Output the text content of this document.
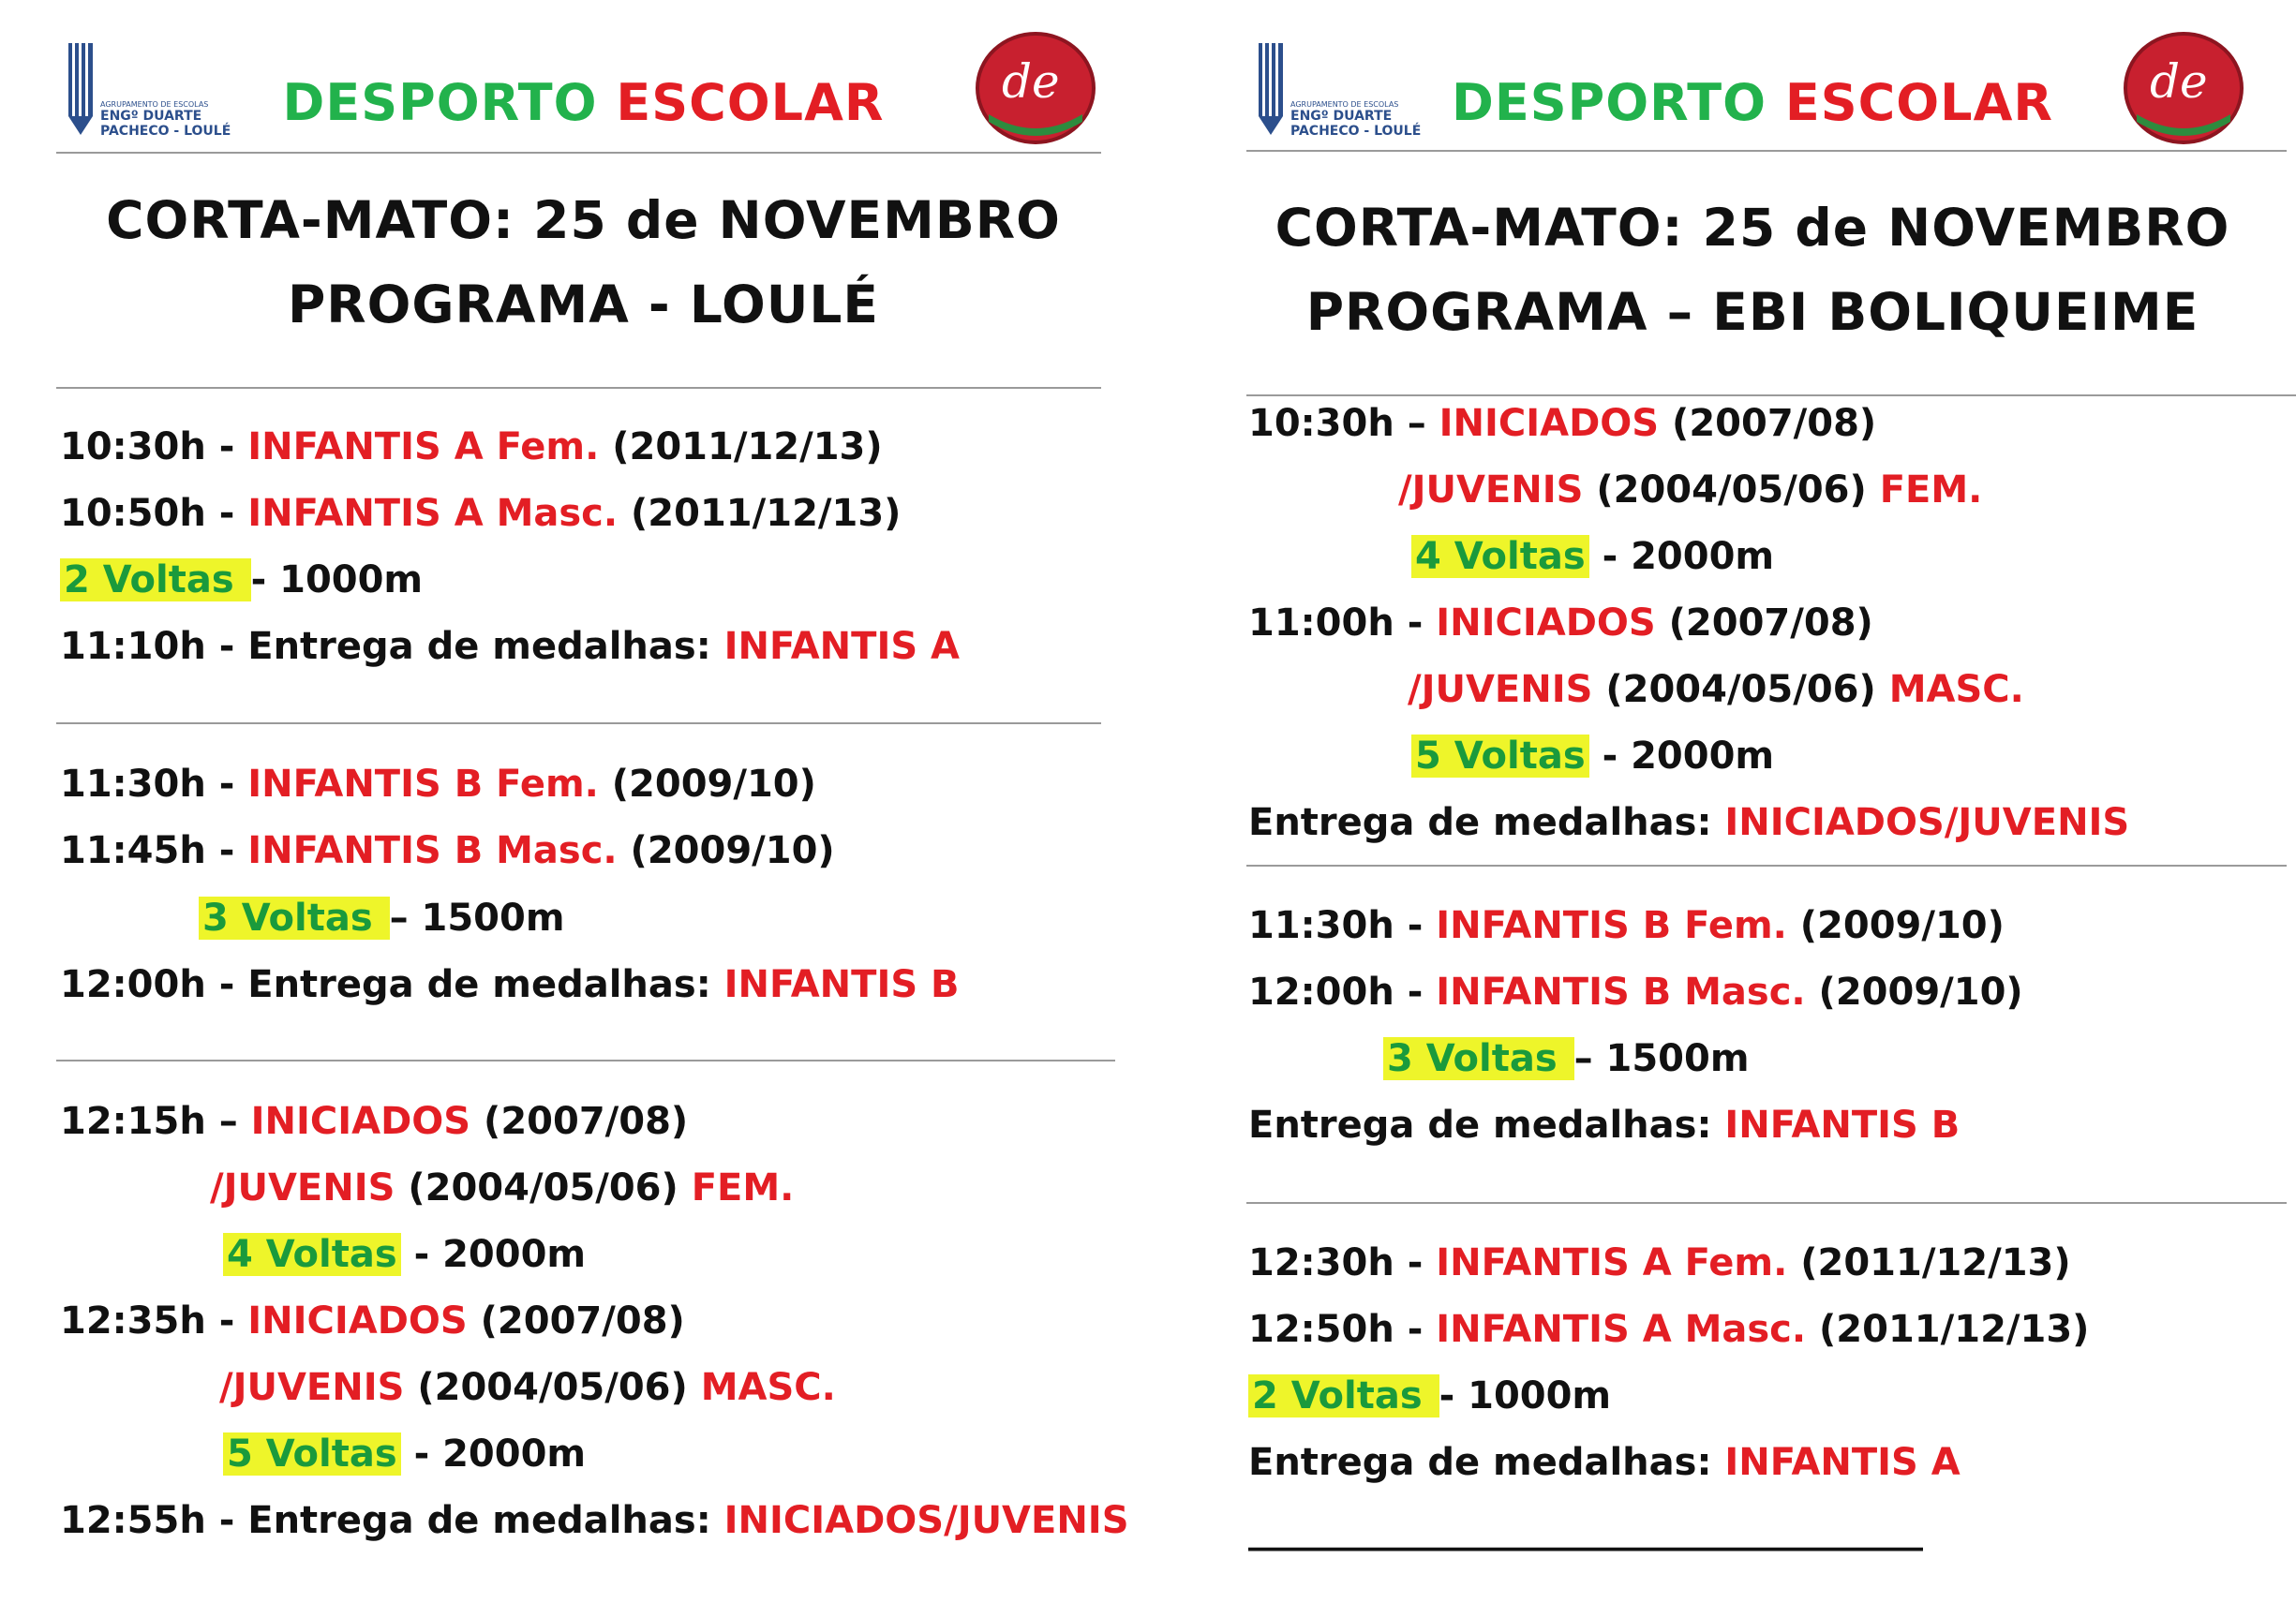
AGRUPAMENTO DE ESCOLAS
ENGº DUARTE
PACHECO - LOULÉ	DESPORTO ESCOLAR	de
CORTA-MATO: 25 de NOVEMBRO
PROGRAMA - LOULÉ
10:30h - INFANTIS A Fem. (2011/12/13)
10:50h - INFANTIS A Masc. (2011/12/13)
2 Voltas - 1000m
11:10h - Entrega de medalhas: INFANTIS A
11:30h - INFANTIS B Fem. (2009/10)
11:45h - INFANTIS B Masc. (2009/10)
3 Voltas – 1500m
12:00h - Entrega de medalhas: INFANTIS B
12:15h – INICIADOS (2007/08)
/JUVENIS (2004/05/06) FEM.
4 Voltas - 2000m
12:35h - INICIADOS (2007/08)
/JUVENIS (2004/05/06) MASC.
5 Voltas - 2000m
12:55h - Entrega de medalhas: INICIADOS/JUVENIS
AGRUPAMENTO DE ESCOLAS
ENGº DUARTE
PACHECO - LOULÉ DESPORTO ESCOLAR	de
CORTA-MATO: 25 de NOVEMBRO
PROGRAMA – EBI BOLIQUEIME
10:30h – INICIADOS (2007/08)
/JUVENIS (2004/05/06) FEM.
4 Voltas - 2000m
11:00h - INICIADOS (2007/08)
/JUVENIS (2004/05/06) MASC.
5 Voltas - 2000m
Entrega de medalhas: INICIADOS/JUVENIS
11:30h - INFANTIS B Fem. (2009/10)
12:00h - INFANTIS B Masc. (2009/10)
3 Voltas – 1500m
Entrega de medalhas: INFANTIS B
12:30h - INFANTIS A Fem. (2011/12/13)
12:50h - INFANTIS A Masc. (2011/12/13)
2 Voltas - 1000m
Entrega de medalhas: INFANTIS A
____________________________________
